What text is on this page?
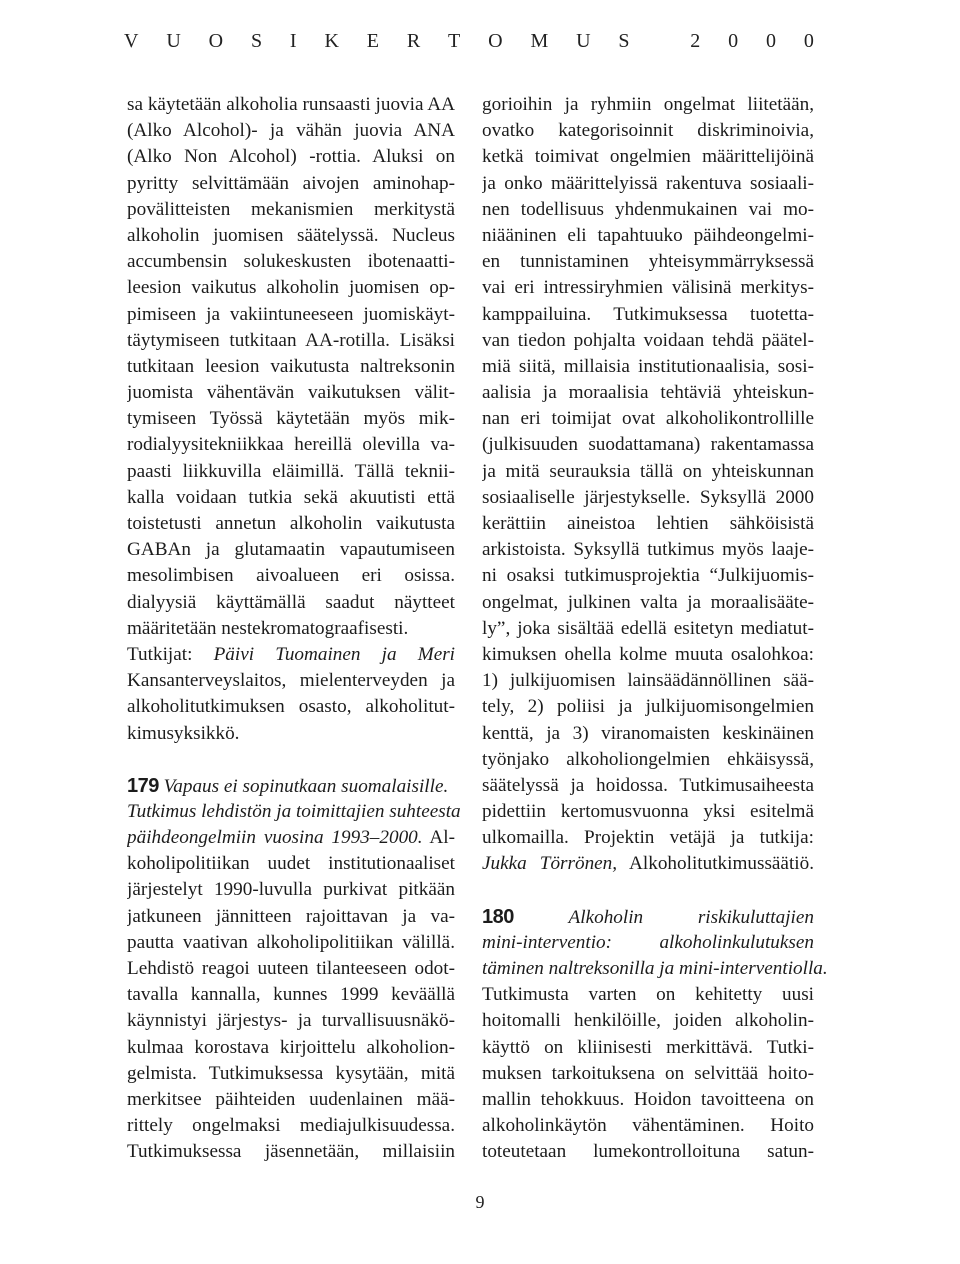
V U O S I K E R T O M U S
	2 0 0 0
sa käytetään alkoholia runsaasti juovia AA
(Alko Alcohol)- ja vähän juovia ANA
(Alko Non Alcohol) -rottia. Aluksi on
pyritty selvittämään aivojen aminohap-
povälitteisten mekanismien merkitystä
alkoholin juomisen säätelyssä. Nucleus
accumbensin solukeskusten ibotenaatti-
leesion vaikutus alkoholin juomisen op-
pimiseen ja vakiintuneeseen juomiskäyt-
täytymiseen tutkitaan AA-rotilla. Lisäksi
tutkitaan leesion vaikutusta naltreksonin
juomista vähentävän vaikutuksen välit-
tymiseen Työssä käytetään myös mik-
rodialyysitekniikkaa hereillä olevilla va-
paasti liikkuvilla eläimillä. Tällä teknii-
kalla voidaan tutkia sekä akuutisti että
toistetusti annetun alkoholin vaikutusta
GABAn ja glutamaatin vapautumiseen
mesolimbisen aivoalueen eri osissa.
dialyysiä käyttämällä saadut näytteet
määritetään nestekromatograafisesti.
Tutkijat: Päivi Tuomainen ja Meri
Kansanterveyslaitos, mielenterveyden ja
alkoholitutkimuksen osasto, alkoholitut-
kimusyksikkö.
179 Vapaus ei sopinutkaan suomalaisille.
Tutkimus lehdistön ja toimittajien suhteesta
päihdeongelmiin vuosina 1993–2000. Al-
koholipolitiikan uudet institutionaaliset
järjestelyt 1990-luvulla purkivat pitkään
jatkuneen jännitteen rajoittavan ja va-
pautta vaativan alkoholipolitiikan välillä.
Lehdistö reagoi uuteen tilanteeseen odot-
tavalla kannalla, kunnes 1999 keväällä
käynnistyi järjestys- ja turvallisuusnäkö-
kulmaa korostava kirjoittelu alkoholion-
gelmista. Tutkimuksessa kysytään, mitä
merkitsee päihteiden uudenlainen mää-
rittely ongelmaksi mediajulkisuudessa.
Tutkimuksessa jäsennetään, millaisiin
gorioihin ja ryhmiin ongelmat liitetään,
ovatko kategorisoinnit diskriminoivia,
ketkä toimivat ongelmien määrittelijöinä
ja onko määrittelyissä rakentuva sosiaali-
nen todellisuus yhdenmukainen vai mo-
niääninen eli tapahtuuko päihdeongelmi-
en tunnistaminen yhteisymmärryksessä
vai eri intressiryhmien välisinä merkitys-
kamppailuina. Tutkimuksessa tuotetta-
van tiedon pohjalta voidaan tehdä päätel-
miä siitä, millaisia institutionaalisia, sosi-
aalisia ja moraalisia tehtäviä yhteiskun-
nan eri toimijat ovat alkoholikontrollille
(julkisuuden suodattamana) rakentamassa
ja mitä seurauksia tällä on yhteiskunnan
sosiaaliselle järjestykselle. Syksyllä 2000
kerättiin aineistoa lehtien sähköisistä
arkistoista. Syksyllä tutkimus myös laaje-
ni osaksi tutkimusprojektia “Julkijuomis-
ongelmat, julkinen valta ja moraalisääte-
ly”, joka sisältää edellä esitetyn mediatut-
kimuksen ohella kolme muuta osalohkoa:
1) julkijuomisen lainsäädännöllinen sää-
tely, 2) poliisi ja julkijuomisongelmien
kenttä, ja 3) viranomaisten keskinäinen
työnjako alkoholiongelmien ehkäisyssä,
säätelyssä ja hoidossa. Tutkimusaiheesta
pidettiin kertomusvuonna yksi esitelmä
ulkomailla. Projektin vetäjä ja tutkija:
Jukka Törrönen, Alkoholitutkimussäätiö.
180	Alkoholin riskikuluttajien
mini-interventio: alkoholinkulutuksen
täminen naltreksonilla ja mini-interventiolla.
Tutkimusta varten on kehitetty uusi
hoitomalli henkilöille, joiden alkoholin-
käyttö on kliinisesti merkittävä. Tutki-
muksen tarkoituksena on selvittää hoito-
mallin tehokkuus. Hoidon tavoitteena on
alkoholinkäytön vähentäminen. Hoito
toteutetaan lumekontrolloituna satun-
9
